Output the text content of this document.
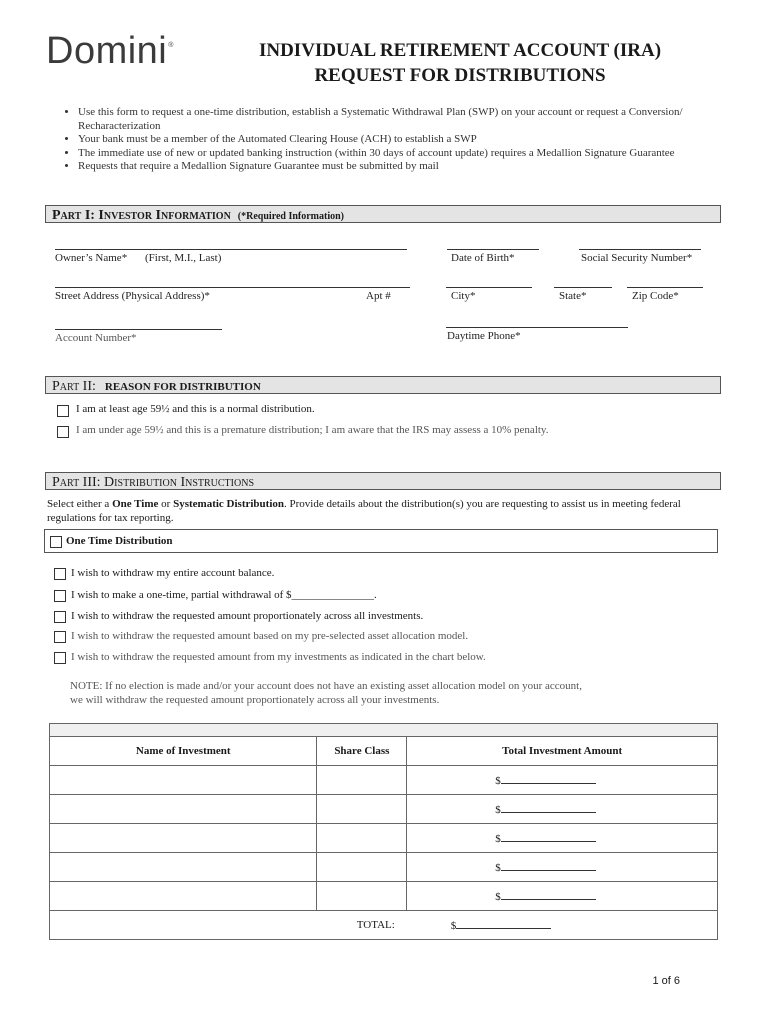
Domini®	INDIVIDUAL RETIREMENT ACCOUNT (IRA)
REQUEST FOR DISTRIBUTIONS
• Use this form to request a one-time distribution, establish a Systematic Withdrawal Plan (SWP) on your account or request a Conversion/ Recharacterization
• Your bank must be a member of the Automated Clearing House (ACH) to establish a SWP
• The immediate use of new or updated banking instruction (within 30 days of account update) requires a Medallion Signature Guarantee
• Requests that require a Medallion Signature Guarantee must be submitted by mail
Part I: Investor Information (*Required Information)
Owner’s Name* (First, M.I., Last)	Date of Birth*	Social Security Number*
Street Address (Physical Address)*	Apt #	City*	State*	Zip Code*
Account Number*	Daytime Phone*
Part II: REASON FOR DISTRIBUTION
I am at least age 59½ and this is a normal distribution.
I am under age 59½ and this is a premature distribution; I am aware that the IRS may assess a 10% penalty.
Part III: Distribution Instructions
Select either a One Time or Systematic Distribution. Provide details about the distribution(s) you are requesting to assist us in meeting federal regulations for tax reporting.
One Time Distribution
I wish to withdraw my entire account balance.
I wish to make a one-time, partial withdrawal of $_______________.
I wish to withdraw the requested amount proportionately across all investments.
I wish to withdraw the requested amount based on my pre-selected asset allocation model.
I wish to withdraw the requested amount from my investments as indicated in the chart below.
NOTE: If no election is made and/or your account does not have an existing asset allocation model on your account,
we will withdraw the requested amount proportionately across all your investments.

Name of Investment	Share Class	Total Investment Amount
		$
		$
		$
		$
		$
TOTAL:		$
1 of 6
